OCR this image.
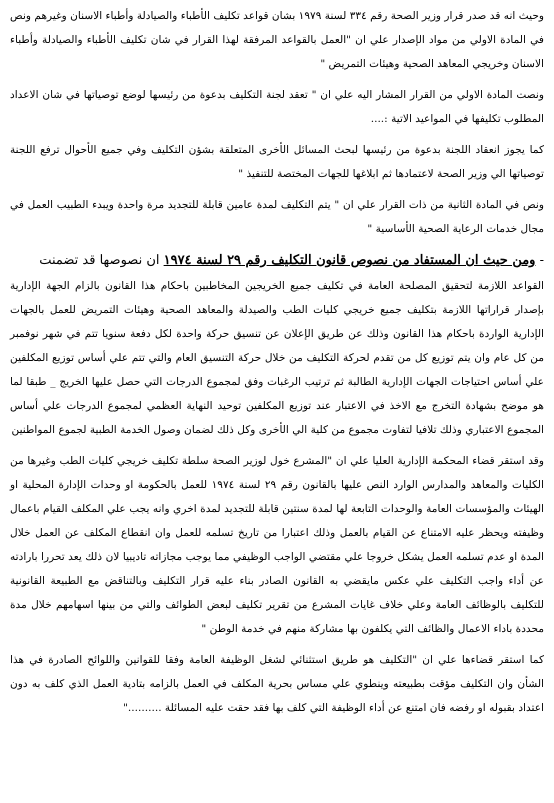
وحيث انه قد صدر قرار وزير الصحة رقم ٣٣٤ لسنة ١٩٧٩ بشان قواعد تكليف الأطباء والصيادلة وأطباء الاسنان وغيرهم ونص في المادة الاولي من مواد الإصدار علي ان "العمل بالقواعد المرفقة لهذا القرار في شان تكليف الأطباء والصيادلة وأطباء الاسنان وخريجي المعاهد الصحية وهيئات التمريض "

ونصت المادة الاولي من القرار المشار اليه علي ان " تعقد لجنة التكليف بدعوة من رئيسها لوضع توصياتها في شان الاعداد المطلوب تكليفها في المواعيد الاتية :....

كما يجوز انعقاد اللجنة بدعوة من رئيسها لبحث المسائل الأخرى المتعلقة بشؤن التكليف وفي جميع الأحوال ترفع اللجنة توصياتها الي وزير الصحة لاعتمادها ثم ابلاغها للجهات المختصة للتنفيذ "

ونص في المادة الثانية من ذات القرار علي ان " يتم التكليف لمدة عامين قابلة للتجديد مرة واحدة ويبدء الطبيب العمل في مجال خدمات الرعاية الصحية الأساسية "

- ومن حيث ان المستفاد من نصوص قانون التكليف رقم ٢٩ لسنة ١٩٧٤ ان نصوصها قد تضمنت

القواعد اللازمة لتحقيق المصلحة العامة في تكليف جميع الخريجين المخاطبين باحكام هذا القانون بالزام الجهة الإدارية بإصدار قراراتها اللازمة بتكليف جميع خريجي كليات الطب والصيدلة والمعاهد الصحية وهيئات التمريض للعمل بالجهات الإدارية الواردة باحكام هذا القانون وذلك عن طريق الإعلان عن تنسيق حركة واحدة لكل دفعة سنويا تتم في شهر نوفمبر من كل عام وان يتم توزيع كل من تقدم لحركة التكليف من خلال حركة التنسيق العام والتي تتم علي أساس توزيع المكلفين علي أساس احتياجات الجهات الإدارية الطالبة ثم ترتيب الرغبات وفق لمجموع الدرجات التي حصل عليها الخريج _ طبقا لما هو موضح بشهادة التخرج مع الاخذ في الاعتبار عند توزيع المكلفين توحيد النهاية العظمي لمجموع الدرجات علي أساس المجموع الاعتباري وذلك تلافيا لتفاوت مجموع من كلية الي الأخرى وكل ذلك لضمان وصول الخدمة الطبية لجموع المواطنين

وقد استقر قضاء المحكمة الإدارية العليا علي ان "المشرع خول لوزير الصحة سلطة تكليف خريجي كليات الطب وغيرها من الكليات والمعاهد والمدارس الوارد النص عليها بالقانون رقم ٢٩ لسنة ١٩٧٤ للعمل بالحكومة او وحدات الإدارة المحلية او الهيئات والمؤسسات العامة والوحدات التابعة لها لمدة سنتين قابلة للتجديد لمدة اخري وانه يجب علي المكلف القيام باعمال وظيفته ويحظر عليه الامتناع عن القيام بالعمل وذلك اعتبارا من تاريخ تسلمه للعمل وان انقطاع المكلف عن العمل خلال المدة او عدم تسلمه العمل يشكل خروجا علي مقتضي الواجب الوظيفي مما يوجب مجازاته تاديبيا لان ذلك يعد تحررا بارادته عن أداء واجب التكليف علي عكس مايقضي به القانون الصادر بناء عليه قرار التكليف وبالتناقض مع الطبيعة القانونية للتكليف بالوظائف العامة وعلي خلاف غايات المشرع من تقرير تكليف لبعض الطوائف والتي من بينها اسهامهم خلال مدة محددة باداء الاعمال والظائف التي يكلفون بها مشاركة منهم في خدمة الوطن "

كما استقر قضاءها علي ان "التكليف هو طريق استثنائي لشغل الوظيفة العامة وفقا للقوانين واللوائح الصادرة في هذا الشأن وان التكليف مؤقت بطبيعته وينطوي علي مساس بحرية المكلف في العمل بالزامه بتادية العمل الذي كلف به دون اعتداد بقبوله او رفضه فان امتنع عن أداء الوظيفة التي كلف بها فقد حقت عليه المسائلة .........."
